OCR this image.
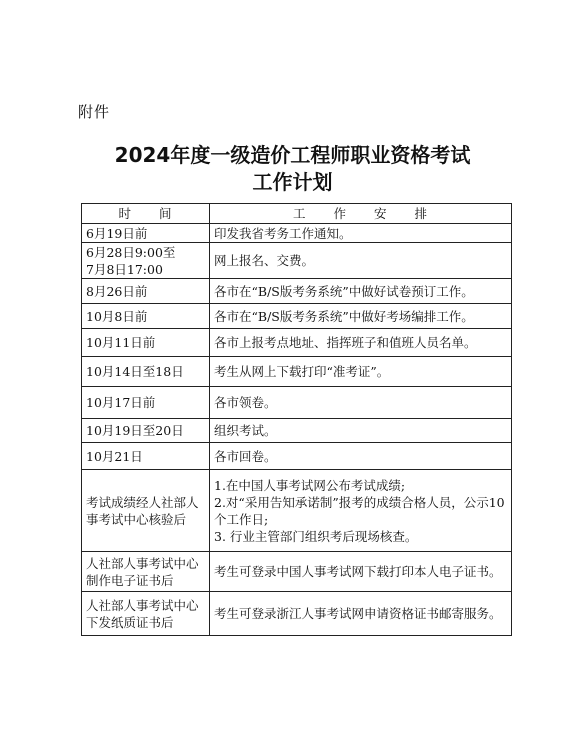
附件
2024年度一级造价工程师职业资格考试
工作计划
时　　间	工　　作　　安　　排

6月19日前	印发我省考务工作通知。

6月28日9:00至
7月8日17:00	网上报名、交费。

8月26日前	各市在“B/S版考务系统”中做好试卷预订工作。

10月8日前	各市在“B/S版考务系统”中做好考场编排工作。

10月11日前	各市上报考点地址、指挥班子和值班人员名单。

10月14日至18日	考生从网上下载打印“准考证”。

10月17日前	各市领卷。

10月19日至20日	组织考试。

10月21日	各市回卷。

考试成绩经人社部人事考试中心核验后	1.在中国人事考试网公布考试成绩;
2.对“采用告知承诺制”报考的成绩合格人员，公示10个工作日;
3. 行业主管部门组织考后现场核查。

人社部人事考试中心制作电子证书后	考生可登录中国人事考试网下载打印本人电子证书。

人社部人事考试中心下发纸质证书后	考生可登录浙江人事考试网申请资格证书邮寄服务。
